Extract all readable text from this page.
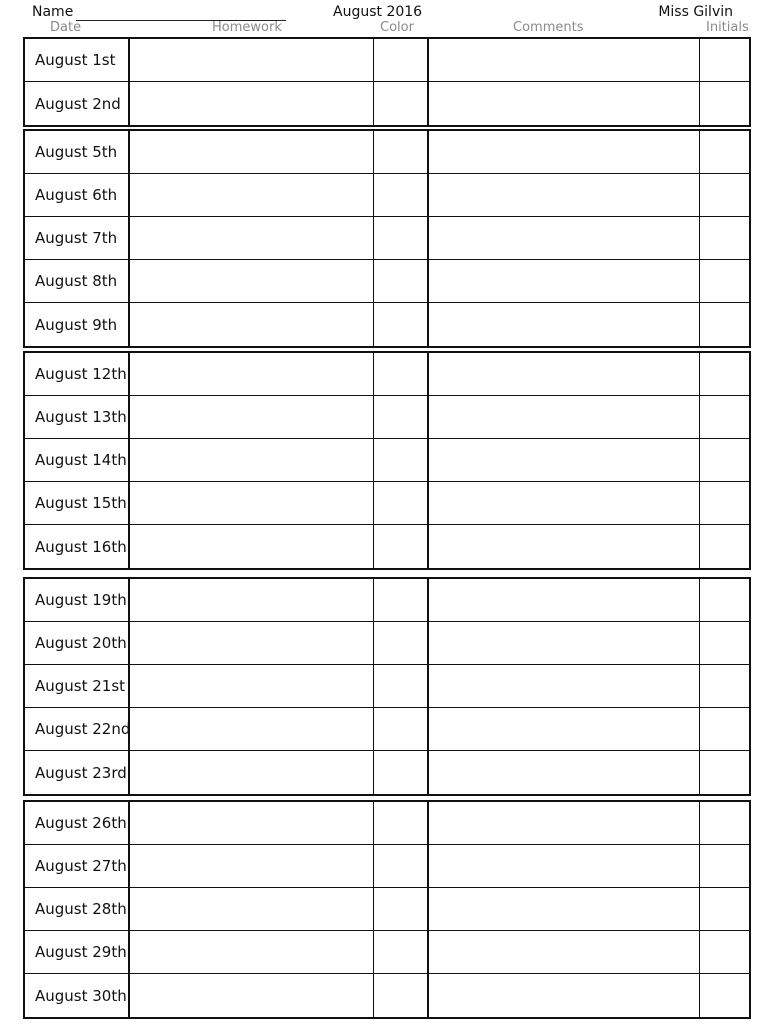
Name	August 2016	Miss Gilvin
Date	Homework	Color	Comments	Initials
August 1st
August 2nd
August 5th
August 6th
August 7th
August 8th
August 9th
August 12th
August 13th
August 14th
August 15th
August 16th
August 19th
August 20th
August 21st
August 22nd
August 23rd
August 26th
August 27th
August 28th
August 29th
August 30th
